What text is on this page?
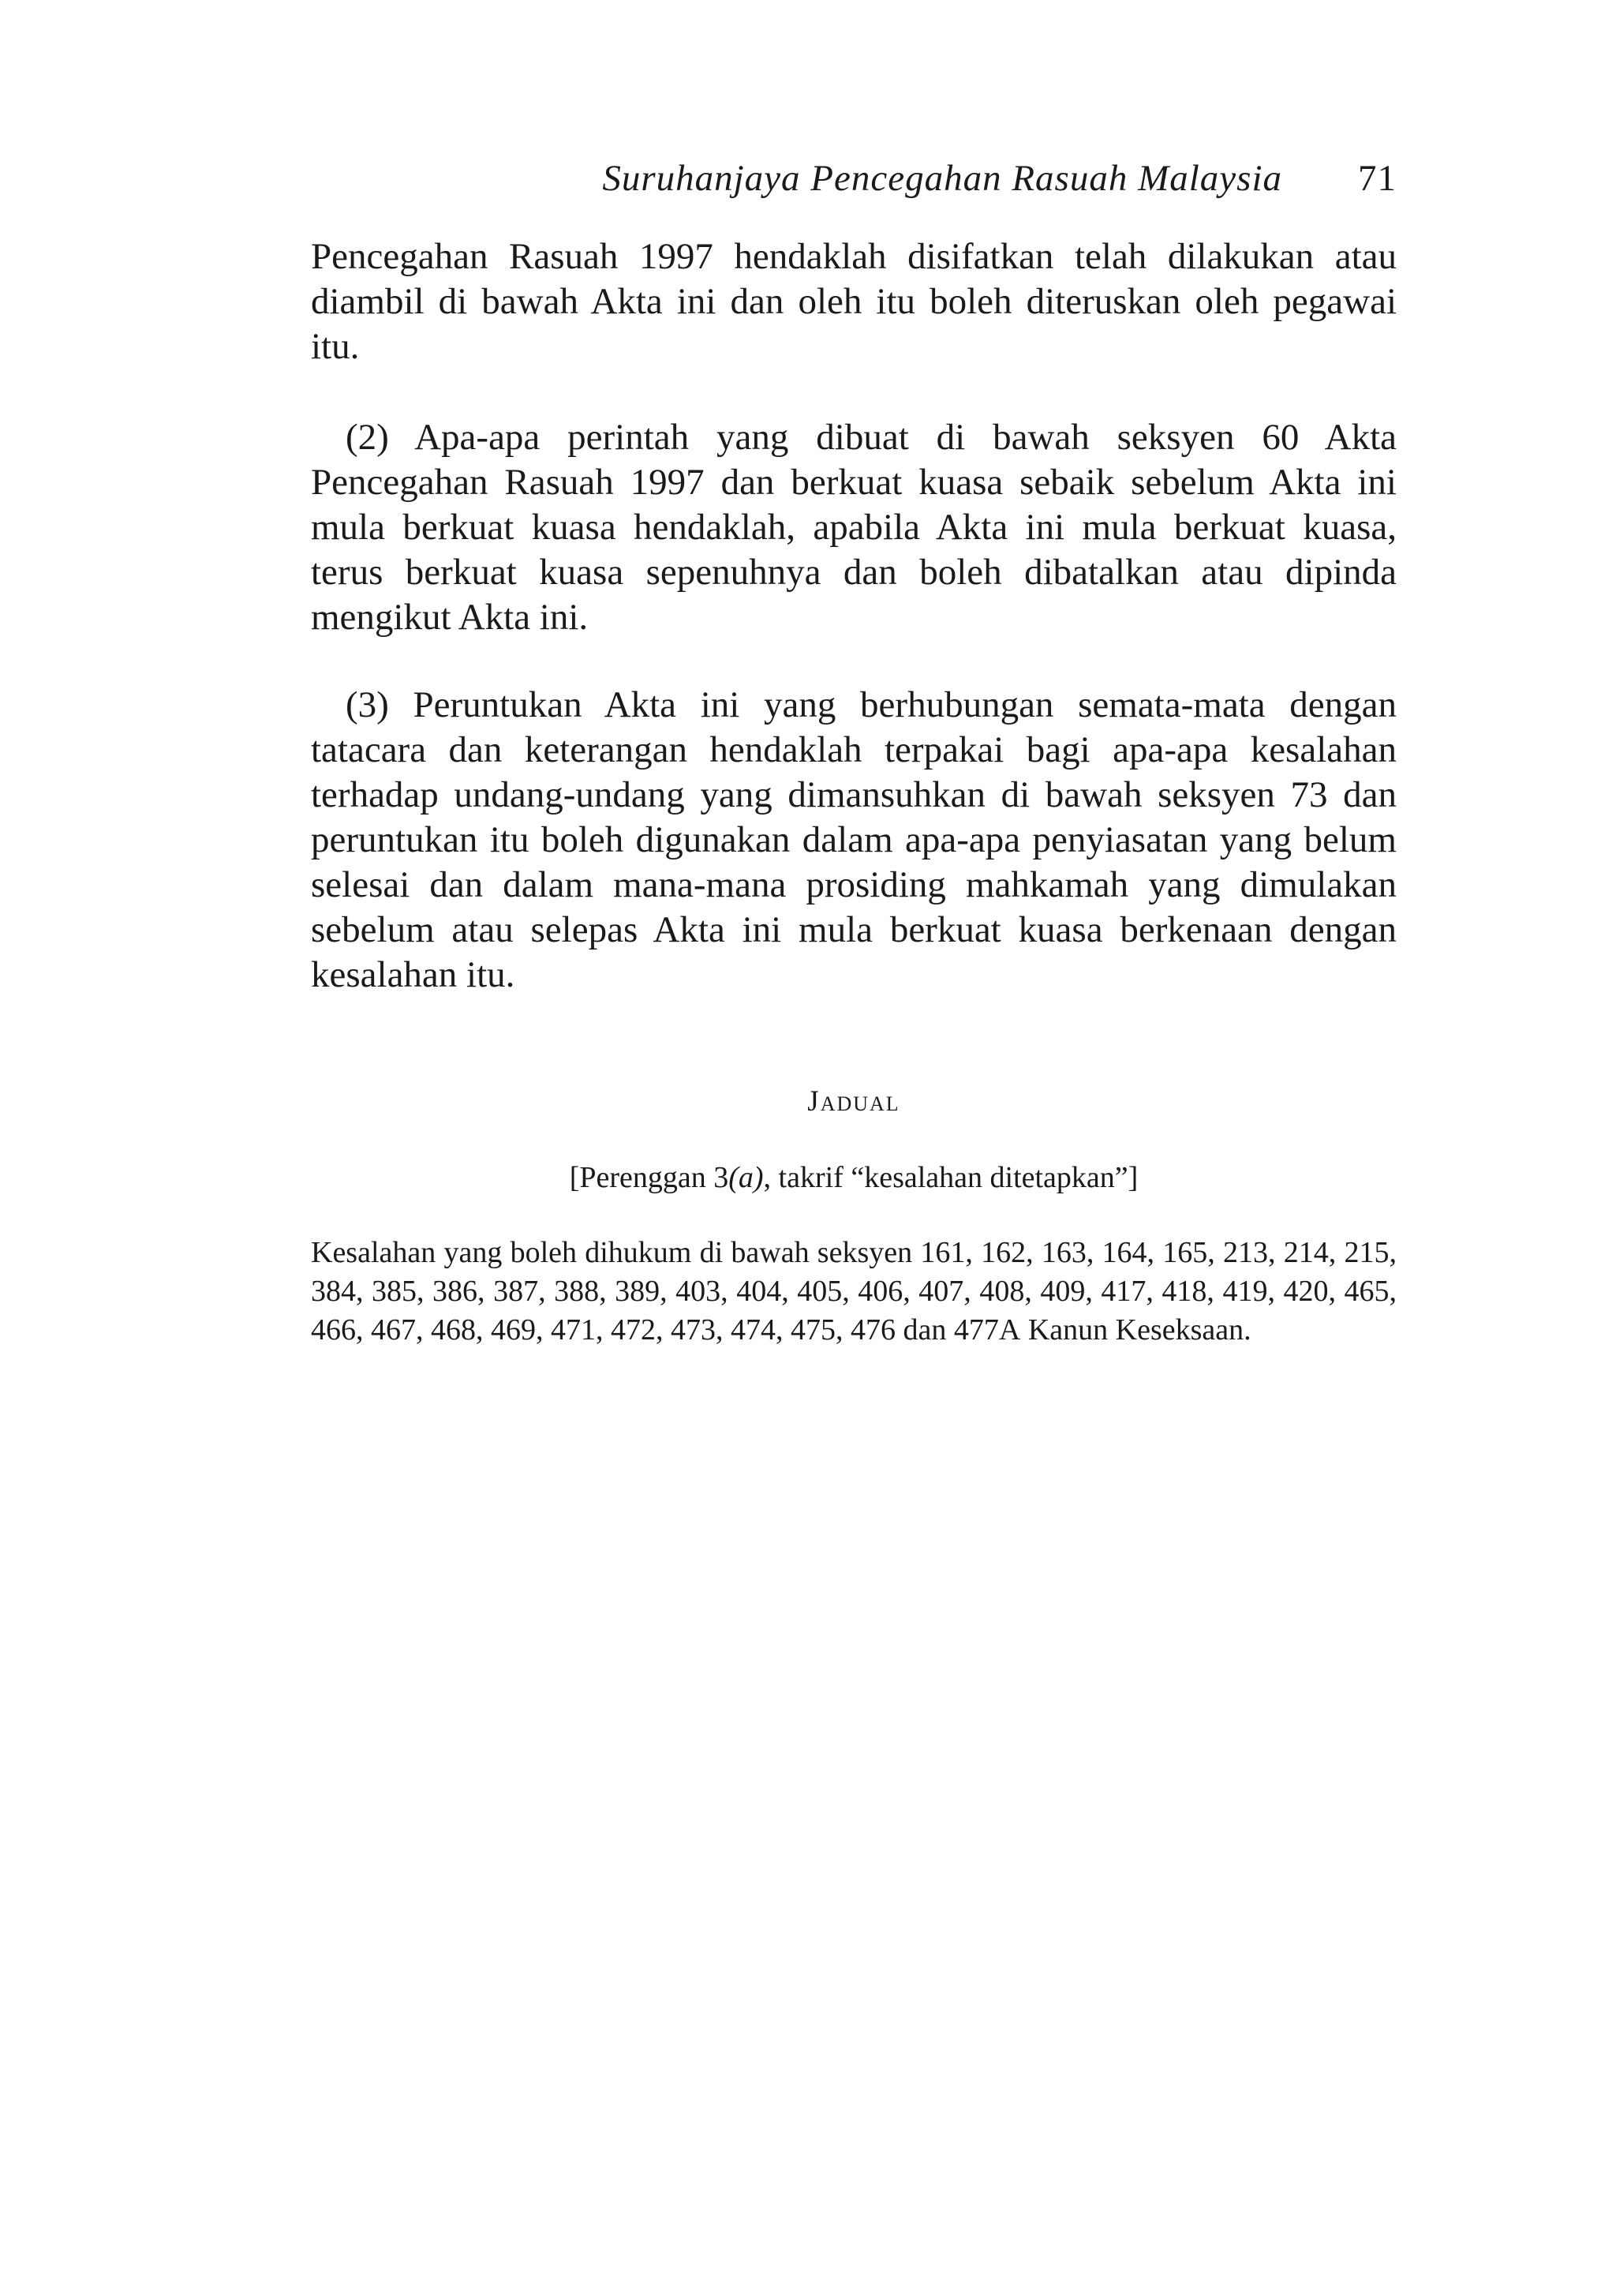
Suruhanjaya Pencegahan Rasuah Malaysia 71

Pencegahan Rasuah 1997 hendaklah disifatkan telah dilakukan atau diambil di bawah Akta ini dan oleh itu boleh diteruskan oleh pegawai itu.

(2) Apa-apa perintah yang dibuat di bawah seksyen 60 Akta Pencegahan Rasuah 1997 dan berkuat kuasa sebaik sebelum Akta ini mula berkuat kuasa hendaklah, apabila Akta ini mula berkuat kuasa, terus berkuat kuasa sepenuhnya dan boleh dibatalkan atau dipinda mengikut Akta ini.

(3) Peruntukan Akta ini yang berhubungan semata-mata dengan tatacara dan keterangan hendaklah terpakai bagi apa-apa kesalahan terhadap undang-undang yang dimansuhkan di bawah seksyen 73 dan peruntukan itu boleh digunakan dalam apa-apa penyiasatan yang belum selesai dan dalam mana-mana prosiding mahkamah yang dimulakan sebelum atau selepas Akta ini mula berkuat kuasa berkenaan dengan kesalahan itu.

Jadual
[Perenggan 3(a), takrif “kesalahan ditetapkan”]

Kesalahan yang boleh dihukum di bawah seksyen 161, 162, 163, 164, 165, 213, 214, 215, 384, 385, 386, 387, 388, 389, 403, 404, 405, 406, 407, 408, 409, 417, 418, 419, 420, 465, 466, 467, 468, 469, 471, 472, 473, 474, 475, 476 dan 477A Kanun Keseksaan.
